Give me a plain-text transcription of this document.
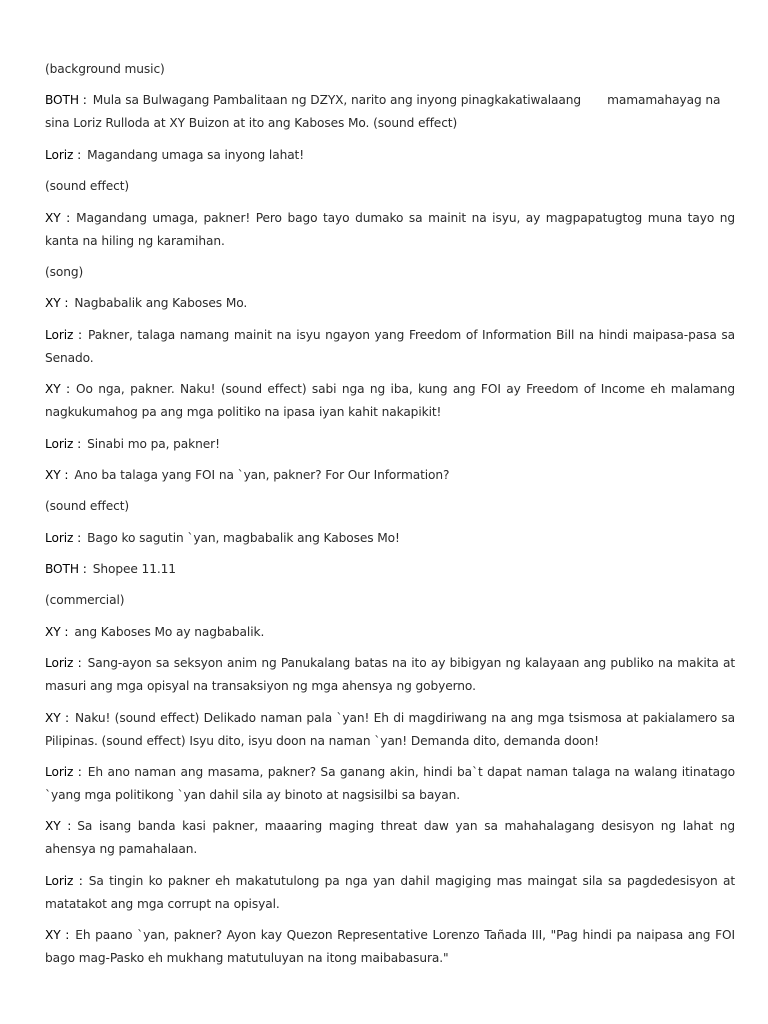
(background music)

BOTH : Mula sa Bulwagang Pambalitaan ng DZYX, narito ang inyong pinagkakatiwalaang mamamahayag na sina Loriz Rulloda at XY Buizon at ito ang Kaboses Mo. (sound effect)

Loriz : Magandang umaga sa inyong lahat!

(sound effect)

XY : Magandang umaga, pakner! Pero bago tayo dumako sa mainit na isyu, ay magpapatugtog muna tayo ng kanta na hiling ng karamihan.

(song)

XY : Nagbabalik ang Kaboses Mo.

Loriz : Pakner, talaga namang mainit na isyu ngayon yang Freedom of Information Bill na hindi maipasa-pasa sa Senado.

XY : Oo nga, pakner. Naku! (sound effect) sabi nga ng iba, kung ang FOI ay Freedom of Income eh malamang nagkukumahog pa ang mga politiko na ipasa iyan kahit nakapikit!

Loriz : Sinabi mo pa, pakner!

XY : Ano ba talaga yang FOI na `yan, pakner? For Our Information?

(sound effect)

Loriz : Bago ko sagutin `yan, magbabalik ang Kaboses Mo!

BOTH : Shopee 11.11

(commercial)

XY : ang Kaboses Mo ay nagbabalik.

Loriz : Sang-ayon sa seksyon anim ng Panukalang batas na ito ay bibigyan ng kalayaan ang publiko na makita at masuri ang mga opisyal na transaksiyon ng mga ahensya ng gobyerno.

XY : Naku! (sound effect) Delikado naman pala `yan! Eh di magdiriwang na ang mga tsismosa at pakialamero sa Pilipinas. (sound effect) Isyu dito, isyu doon na naman `yan! Demanda dito, demanda doon!

Loriz : Eh ano naman ang masama, pakner? Sa ganang akin, hindi ba`t dapat naman talaga na walang itinatago `yang mga politikong `yan dahil sila ay binoto at nagsisilbi sa bayan.

XY : Sa isang banda kasi pakner, maaaring maging threat daw yan sa mahahalagang desisyon ng lahat ng ahensya ng pamahalaan.

Loriz : Sa tingin ko pakner eh makatutulong pa nga yan dahil magiging mas maingat sila sa pagdedesisyon at matatakot ang mga corrupt na opisyal.

XY : Eh paano `yan, pakner? Ayon kay Quezon Representative Lorenzo Tañada III, "Pag hindi pa naipasa ang FOI bago mag-Pasko eh mukhang matutuluyan na itong maibabasura."
